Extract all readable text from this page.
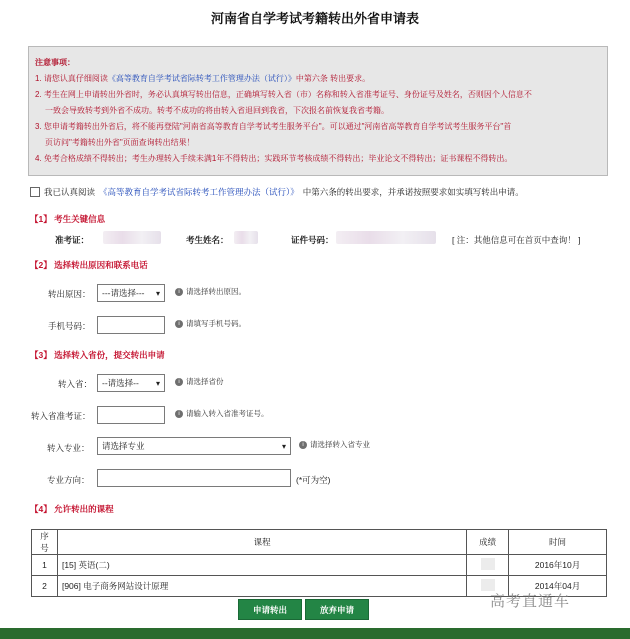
河南省自学考试考籍转出外省申请表
注意事项：
1. 请您认真仔细阅读《高等教育自学考试省际转考工作管理办法（试行）》中第六条 转出要求。
2. 考生在网上申请转出外省时，务必认真填写转出信息，正确填写转入省（市）名称和转入省准考证号、身份证号及姓名，否则因个人信息不
一致会导致转考到外省不成功。转考不成功的将由转入省退回到我省，下次报名前恢复我省考籍。
3. 您申请考籍转出外省后，将不能再登陆"河南省高等教育自学考试考生服务平台"。可以通过"河南省高等教育自学考试考生服务平台"首
页访问"考籍转出外省"页面查询转出结果！
4. 免考合格成绩不得转出；考生办理转入手续未满1年不得转出；实践环节考核成绩不得转出；毕业论文不得转出；证书课程不得转出。
我已认真阅读 《高等教育自学考试省际转考工作管理办法（试行）》 中第六条的转出要求，并承诺按照要求如实填写转出申请。
【1】 考生关键信息
准考证：	考生姓名：	证件号码：	[ 注：其他信息可在首页中查询！ ]
【2】 选择转出原因和联系电话
转出原因： ---请选择--- ▾	i 请选择转出原因。
手机号码：	i 请填写手机号码。
【3】 选择转入省份，提交转出申请
转入省： --请选择-- ▾	i 请选择省份
转入省准考证：	i 请输入转入省准考证号。
转入专业： 请选择专业	▾	i 请选择转入省专业
专业方向：	(*可为空)
【4】 允许转出的课程
序号	课程	成绩	时间
1	[15] 英语(二)		2016年10月
2	[906] 电子商务网站设计原理		2014年04月
申请转出	放弃申请	高考直通车
